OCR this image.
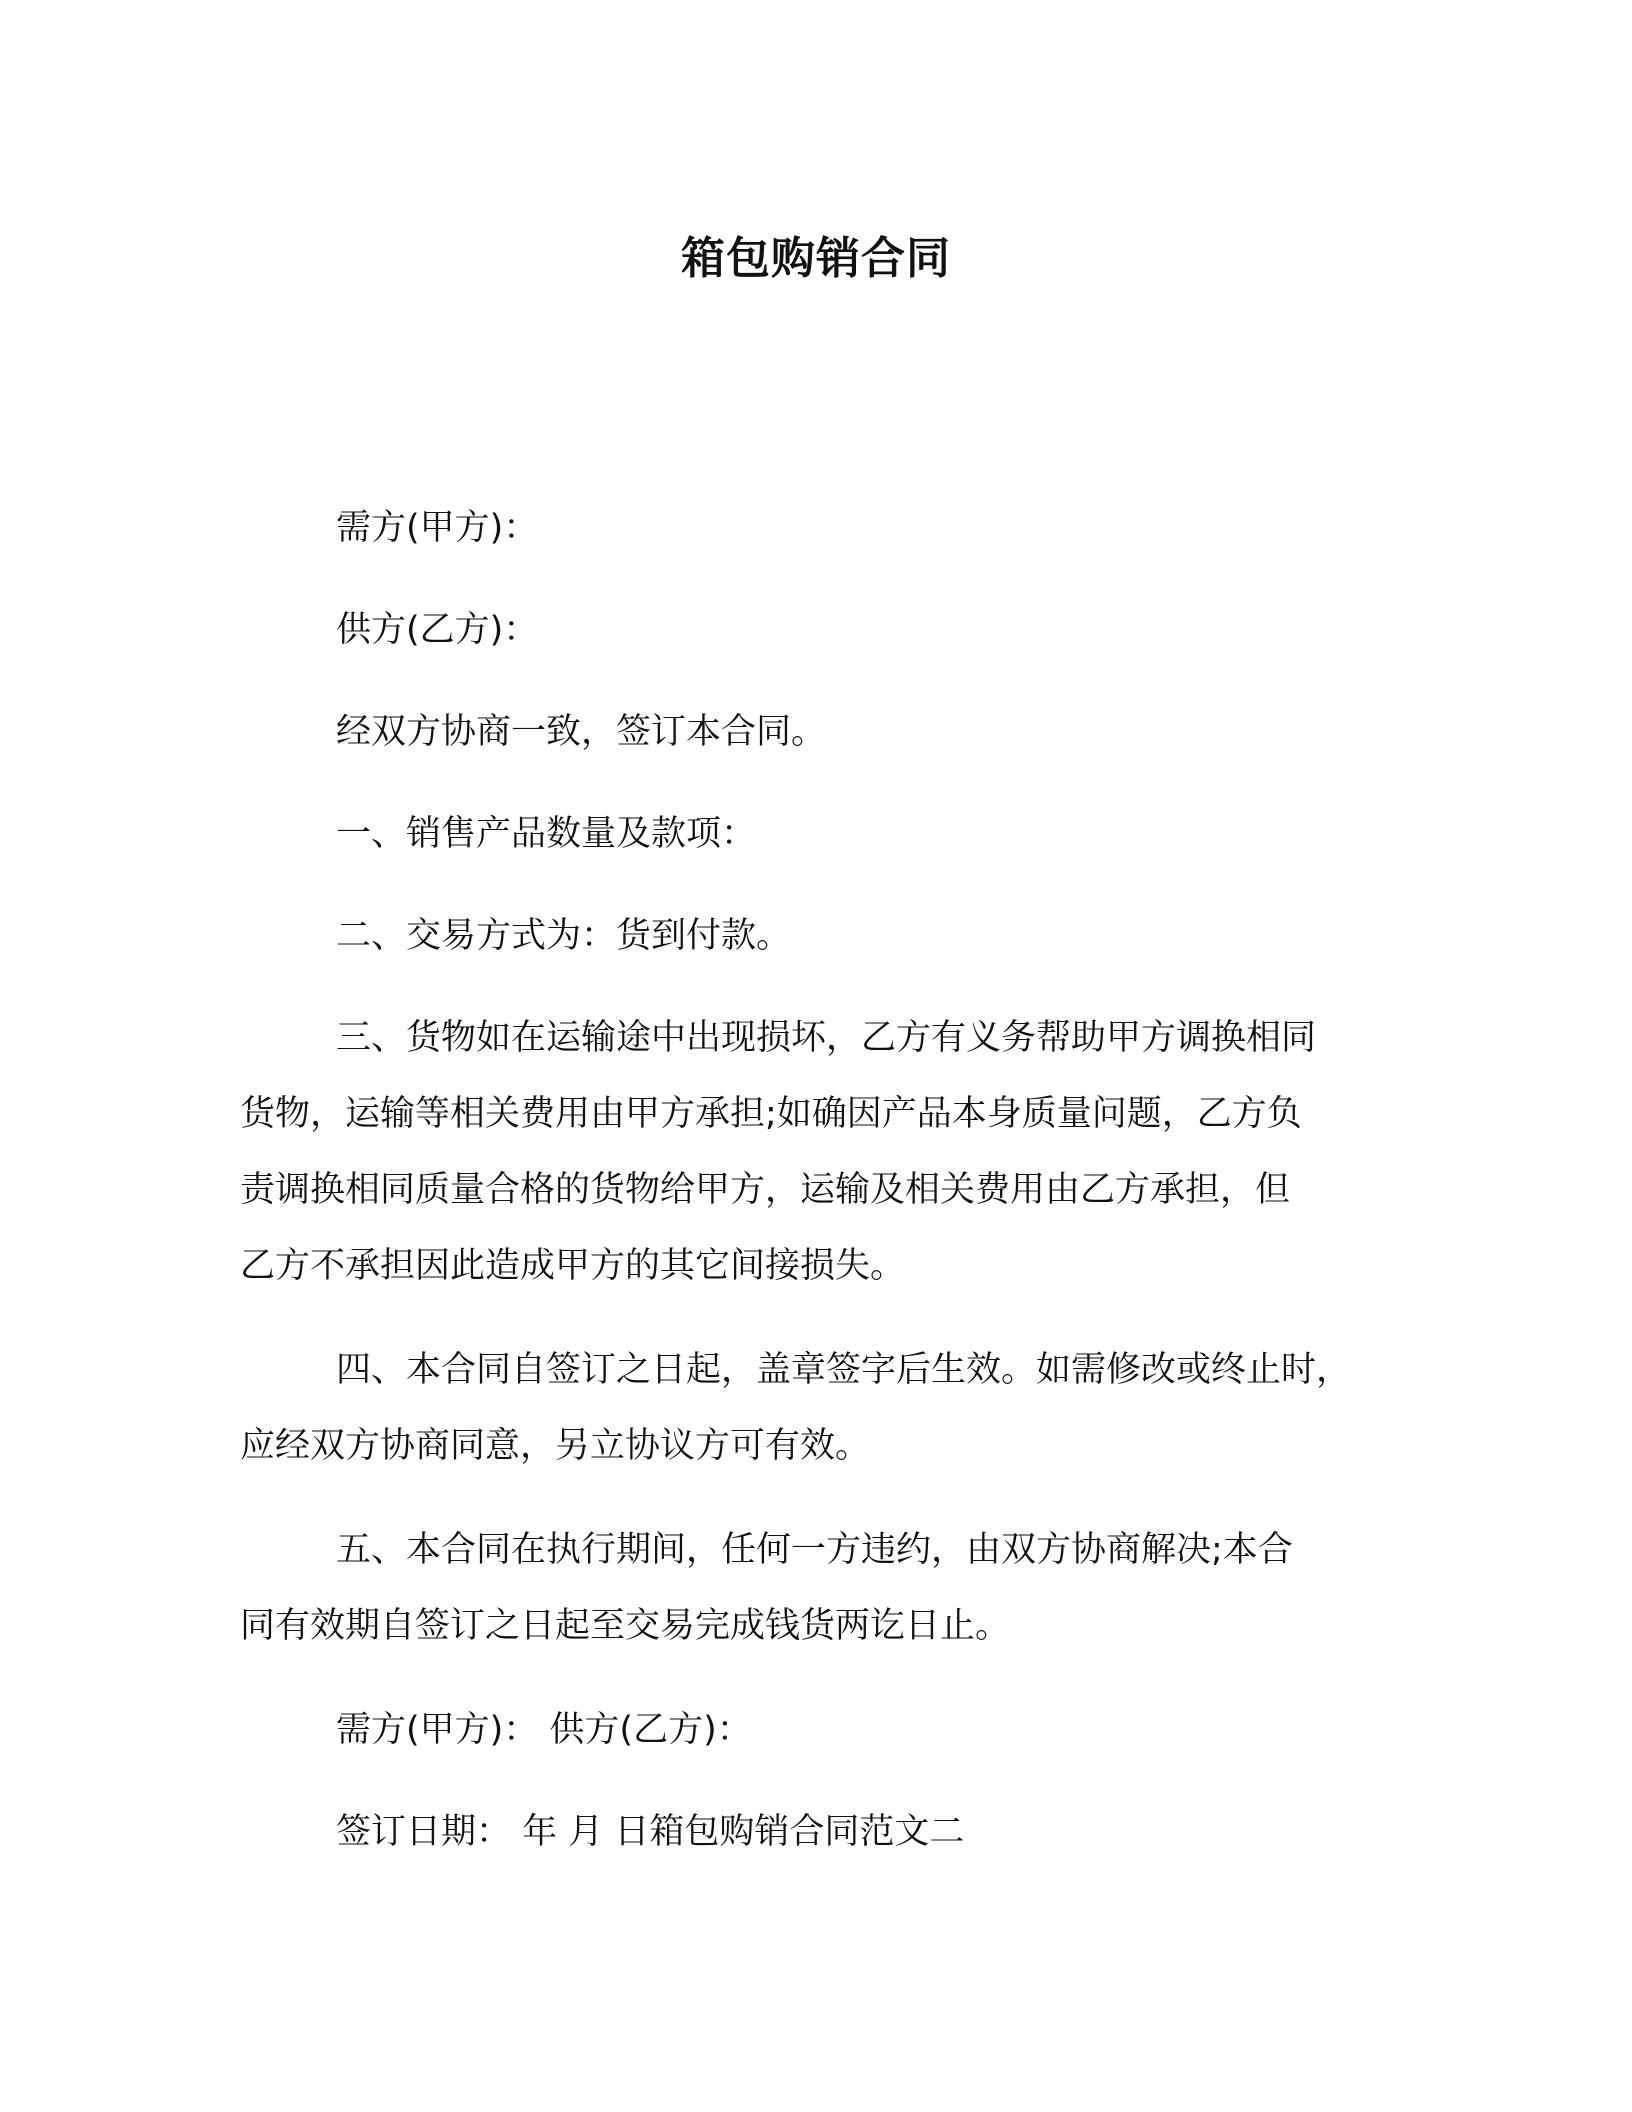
箱包购销合同

需方(甲方)：

供方(乙方)：

经双方协商一致，签订本合同。

一、销售产品数量及款项：

二、交易方式为：货到付款。

三、货物如在运输途中出现损坏，乙方有义务帮助甲方调换相同
货物，运输等相关费用由甲方承担;如确因产品本身质量问题，乙方负
责调换相同质量合格的货物给甲方，运输及相关费用由乙方承担，但
乙方不承担因此造成甲方的其它间接损失。

四、本合同自签订之日起，盖章签字后生效。如需修改或终止时，
应经双方协商同意，另立协议方可有效。

五、本合同在执行期间，任何一方违约，由双方协商解决;本合
同有效期自签订之日起至交易完成钱货两讫日止。

需方(甲方)： 供方(乙方)：

签订日期： 年 月 日箱包购销合同范文二
